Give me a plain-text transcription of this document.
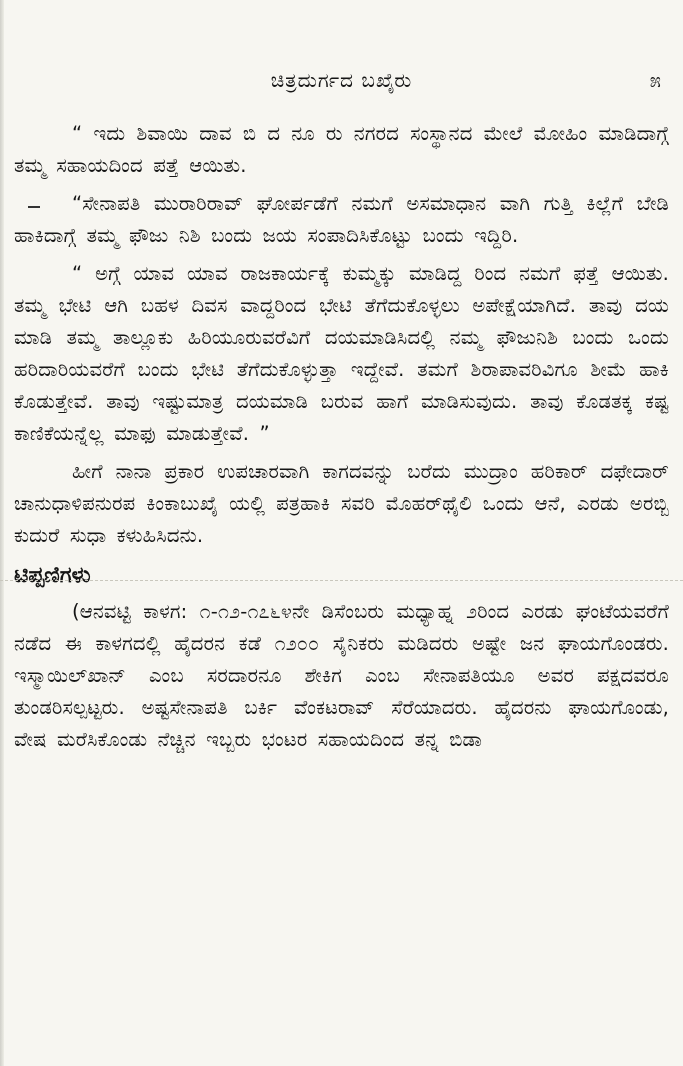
ಚಿತ್ರದುರ್ಗದ ಬಖೈರು	೫

“ ಇದು ಶಿವಾಯಿ ದಾವ ಬಿ ದ ನೂ ರು ನಗರದ ಸಂಸ್ಥಾನದ ಮೇಲೆ ಮೋಹಿಂ ಮಾಡಿದಾಗ್ಗೆ ತಮ್ಮ ಸಹಾಯದಿಂದ ಪತ್ತೆ ಆಯಿತು.

“ಸೇನಾಪತಿ ಮುರಾರಿರಾವ್ ಘೋರ್ಪಡೆಗೆ ನಮಗೆ ಅಸಮಾಧಾನ ವಾಗಿ ಗುತ್ತಿ ಕಿಲ್ಲೆಗೆ ಬೇಡಿ ಹಾಕಿದಾಗ್ಗೆ ತಮ್ಮ ಫೌಜು ನಿಶಿ ಬಂದು ಜಯ ಸಂಪಾದಿಸಿಕೊಟ್ಟು ಬಂದು ಇದ್ದಿರಿ.

“ ಅಗ್ಗೆ ಯಾವ ಯಾವ ರಾಜಕಾರ್ಯಕ್ಕೆ ಕುಮ್ಮಕ್ಕು ಮಾಡಿದ್ದ ರಿಂದ ನಮಗೆ ಫತ್ತೆ ಆಯಿತು. ತಮ್ಮ ಭೇಟಿ ಆಗಿ ಬಹಳ ದಿವಸ ವಾದ್ದರಿಂದ ಭೇಟಿ ತೆಗೆದುಕೊಳ್ಳಲು ಅಪೇಕ್ಷೆಯಾಗಿದೆ. ತಾವು ದಯ ಮಾಡಿ ತಮ್ಮ ತಾಲ್ಲೂಕು ಹಿರಿಯೂರುವರೆವಿಗೆ ದಯಮಾಡಿಸಿದಲ್ಲಿ ನಮ್ಮ ಫೌಜುನಿಶಿ ಬಂದು ಒಂದು ಹರಿದಾರಿಯವರೆಗೆ ಬಂದು ಭೇಟಿ ತೆಗೆದುಕೊಳ್ಳುತ್ತಾ ಇದ್ದೇವೆ. ತಮಗೆ ಶಿರಾಪಾವರಿವಿಗೂ ಶೀಮೆ ಹಾಕಿ ಕೊಡುತ್ತೇವೆ. ತಾವು ಇಷ್ಟುಮಾತ್ರ ದಯಮಾಡಿ ಬರುವ ಹಾಗೆ ಮಾಡಿಸುವುದು. ತಾವು ಕೊಡತಕ್ಕ ಕಷ್ಟ ಕಾಣಿಕೆಯನ್ನೆಲ್ಲ ಮಾಫು ಮಾಡುತ್ತೇವೆ. ”

ಹೀಗೆ ನಾನಾ ಪ್ರಕಾರ ಉಪಚಾರವಾಗಿ ಕಾಗದವನ್ನು ಬರೆದು ಮುದ್ರಾಂ ಹರಿಕಾರ್ ದಫೇದಾರ್ ಚಾನುಧಾಳಿಪನುರಪ ಕಿಂಕಾಬುಖೈ ಯಲ್ಲಿ ಪತ್ರಹಾಕಿ ಸವರಿ ಮೊಹರ್‌ಥೈಲಿ ಒಂದು ಆನೆ, ಎರಡು ಅರಬ್ಬಿ ಕುದುರೆ ಸುಧಾ ಕಳುಹಿಸಿದನು.

ಟಿಪ್ಪಣಿಗಳು

(ಆನವಟ್ಟಿ ಕಾಳಗ: ೧-೧೨-೧೭೬೪ನೇ ಡಿಸೆಂಬರು ಮಧ್ಯಾಹ್ನ ೨ರಿಂದ ಎರಡು ಘಂಟೆಯವರೆಗೆ ನಡೆದ ಈ ಕಾಳಗದಲ್ಲಿ ಹೈದರನ ಕಡೆ ೧೨೦೦ ಸೈನಿಕರು ಮಡಿದರು ಅಷ್ಟೇ ಜನ ಘಾಯಗೊಂಡರು. ಇಸ್ಮಾಯಿಲ್‌ಖಾನ್ ಎಂಬ ಸರದಾರನೂ ಶೇಕಿಗ ಎಂಬ ಸೇನಾಪತಿಯೂ ಅವರ ಪಕ್ಷದವರೂ ತುಂಡರಿಸಲ್ಪಟ್ಟರು. ಅಷ್ಟಸೇನಾಪತಿ ಬರ್ಕಿ ವೆಂಕಟರಾವ್ ಸೆರೆಯಾದರು. ಹೈದರನು ಘಾಯಗೊಂಡು, ವೇಷ ಮರೆಸಿಕೊಂಡು ನೆಚ್ಚಿನ ಇಬ್ಬರು ಭಂಟರ ಸಹಾಯದಿಂದ ತನ್ನ ಬಿಡಾ
